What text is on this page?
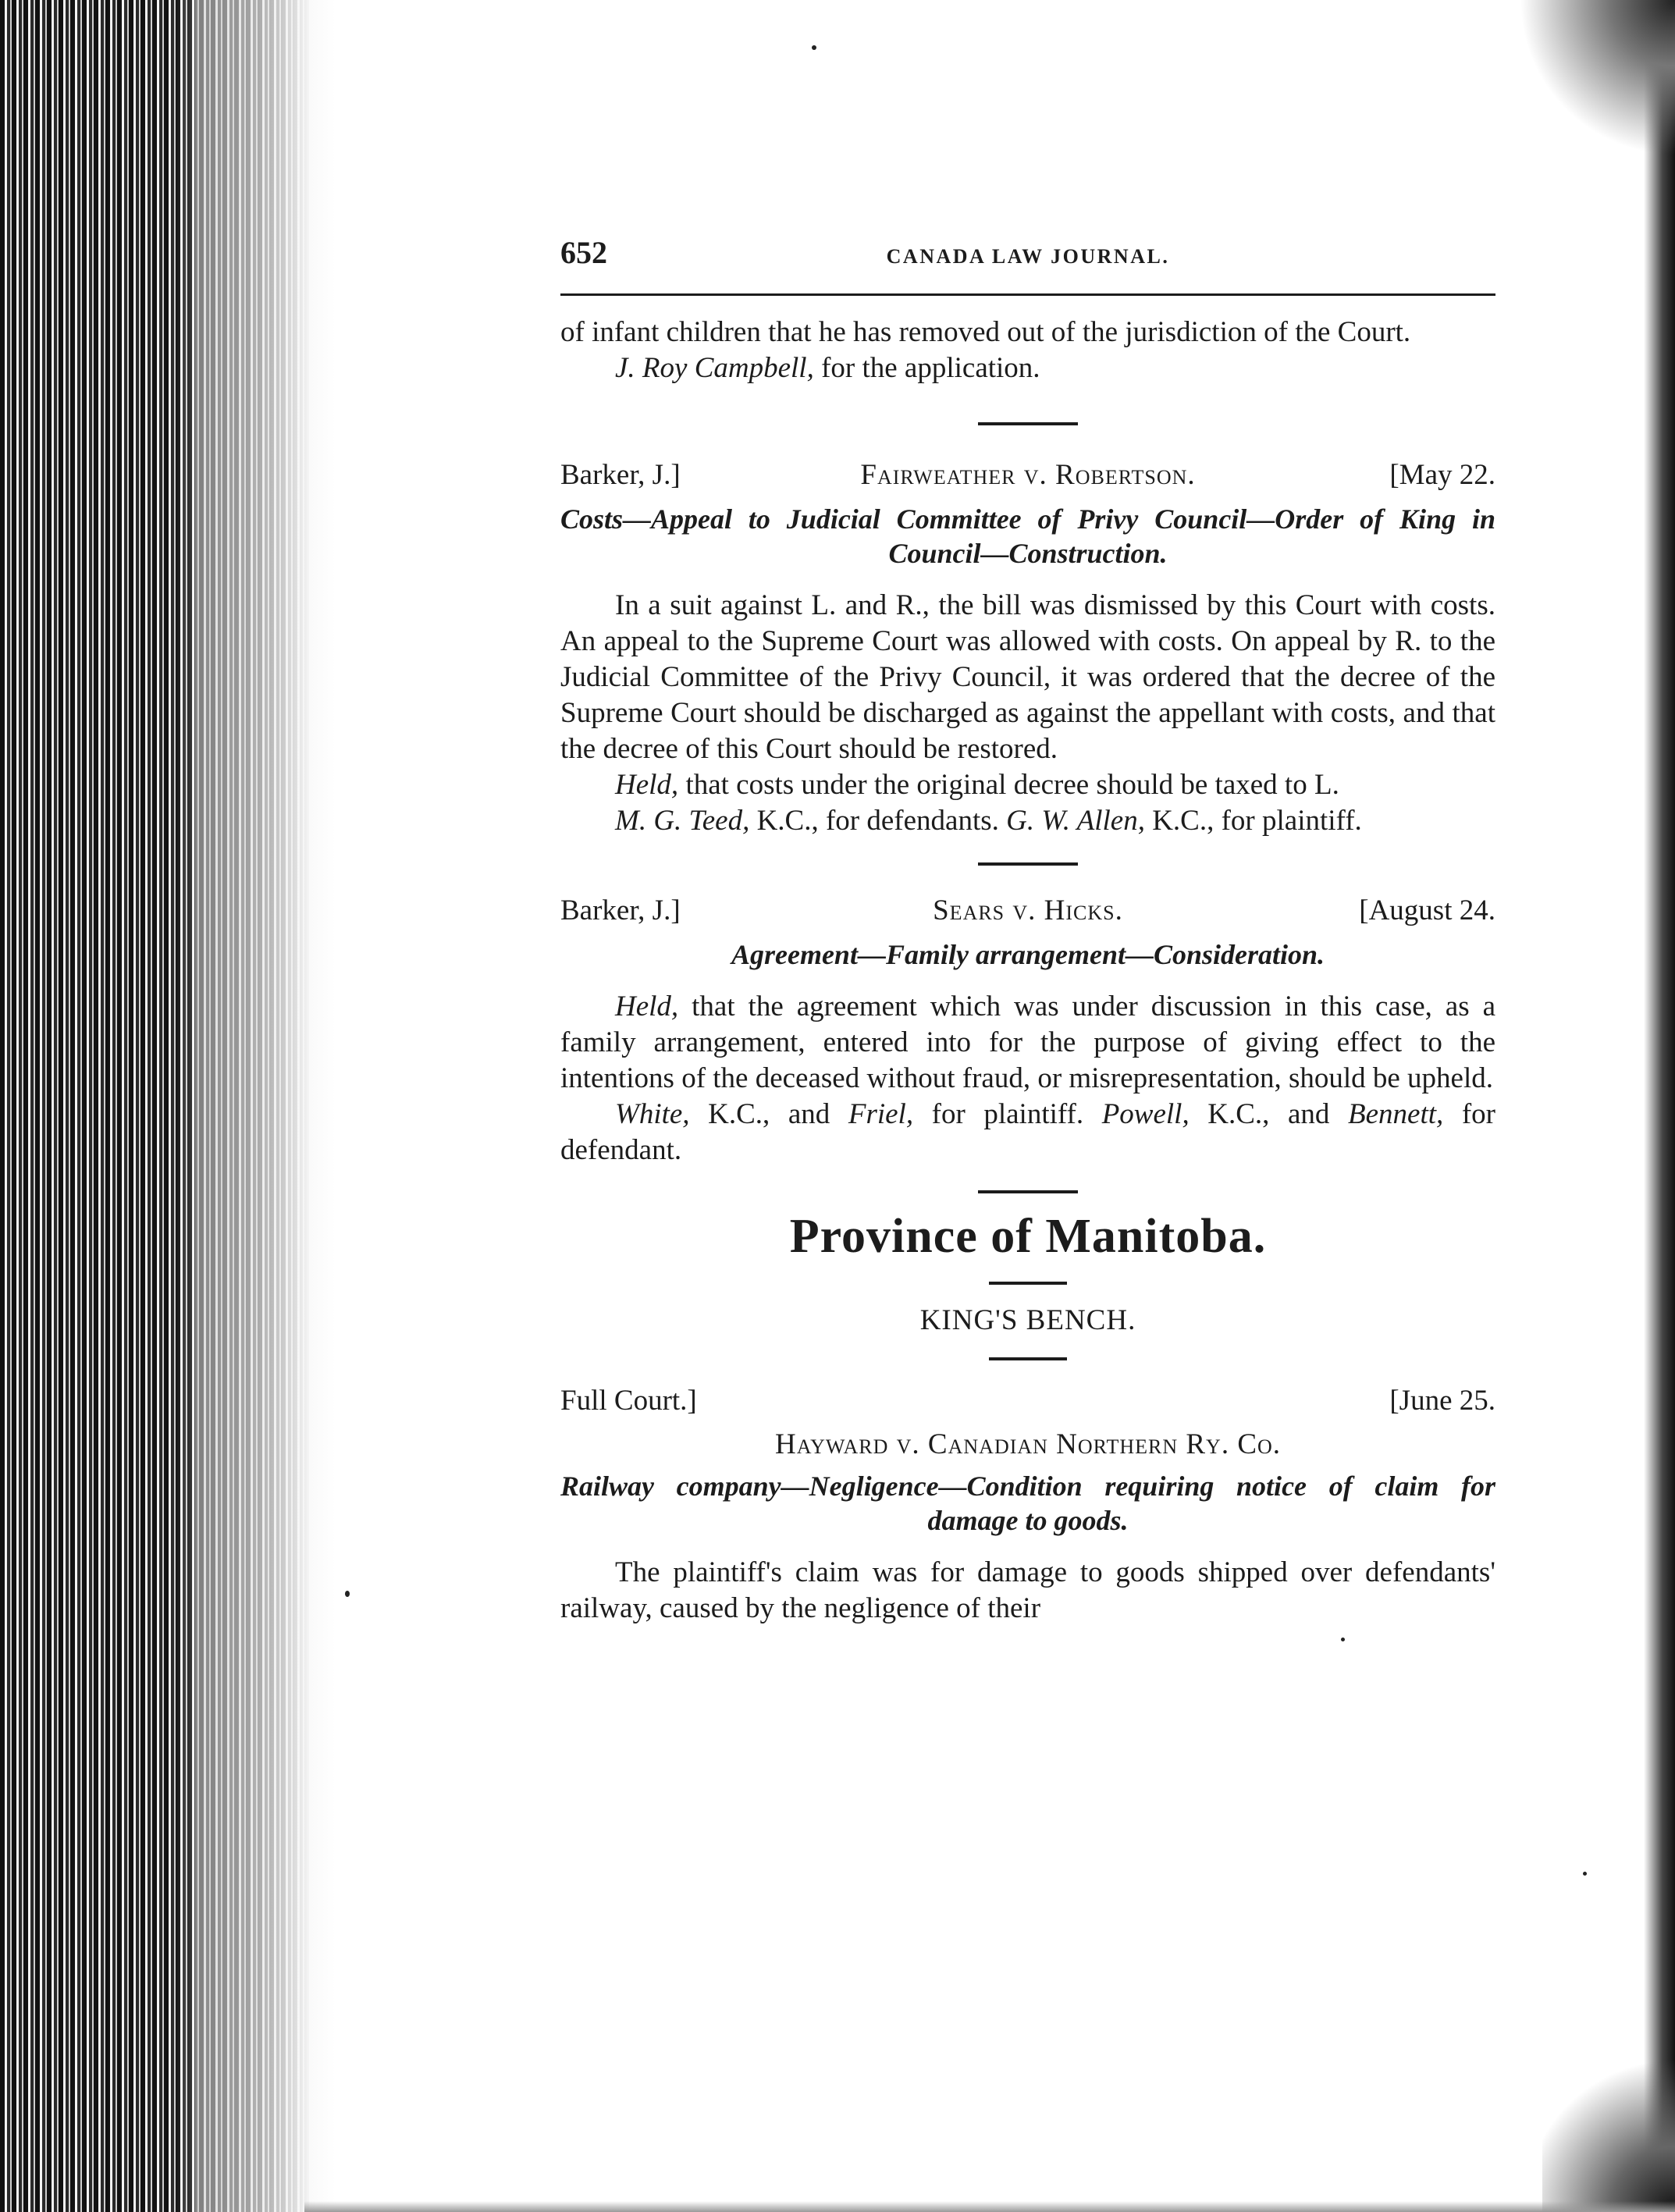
652	CANADA LAW JOURNAL.

of infant children that he has removed out of the jurisdiction of the Court.

J. Roy Campbell, for the application.

Barker, J.]	Fairweather v. Robertson.	[May 22.

Costs—Appeal to Judicial Committee of Privy Council—Order of King in Council—Construction.

In a suit against L. and R., the bill was dismissed by this Court with costs. An appeal to the Supreme Court was allowed with costs. On appeal by R. to the Judicial Committee of the Privy Council, it was ordered that the decree of the Supreme Court should be discharged as against the appellant with costs, and that the decree of this Court should be restored.

Held, that costs under the original decree should be taxed to L.

M. G. Teed, K.C., for defendants. G. W. Allen, K.C., for plaintiff.

Barker, J.]	Sears v. Hicks.	[August 24.

Agreement—Family arrangement—Consideration.

Held, that the agreement which was under discussion in this case, as a family arrangement, entered into for the purpose of giving effect to the intentions of the deceased without fraud, or misrepresentation, should be upheld.

White, K.C., and Friel, for plaintiff. Powell, K.C., and Bennett, for defendant.

Province of Manitoba.
KING'S BENCH.
Full Court.]	[June 25.
Hayward v. Canadian Northern Ry. Co.

Railway company—Negligence—Condition requiring notice of claim for damage to goods.

The plaintiff's claim was for damage to goods shipped over defendants' railway, caused by the negligence of their
